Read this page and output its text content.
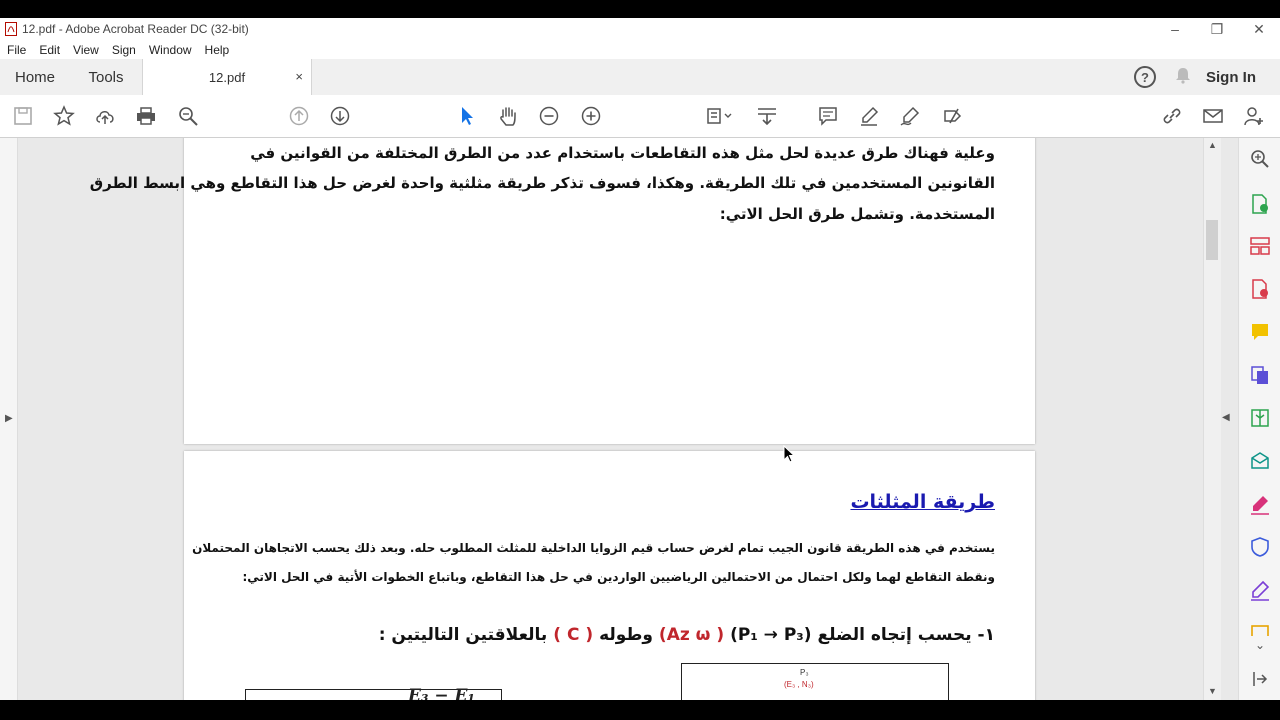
12.pdf - Adobe Acrobat Reader DC (32-bit)	–	❐	✕
File	Edit	View	Sign	Window	Help
Home	Tools	12.pdf	×	?	Sign In
▶
وعلية فهناك طرق عديدة لحل مثل هذه التقاطعات باستخدام عدد من الطرق المختلفة من القوانين في
القانونين المستخدمين في تلك الطريقة. وهكذا، فسوف تذكر طريقة مثلثية واحدة لغرض حل هذا التقاطع وهي ابسط الطرق
المستخدمة. وتشمل طرق الحل الاتي:
طريقة المثلثات
يستخدم في هذه الطريقة قانون الجيب تمام لغرض حساب قيم الزوايا الداخلية للمثلث المطلوب حله. وبعد ذلك يحسب الاتجاهان المحتملان
ونقطة التقاطع لهما ولكل احتمال من الاحتمالين الرياضيين الواردين في حل هذا التقاطع، وباتباع الخطوات الأتية في الحل الاتي:
١- يحسب إتجاه الضلع (P₁ → P₃) ( Az ω) وطوله ( C ) بالعلاقتين التاليتين :
E₃ − E₁
P₃
(E₃ , N₃)
▲
▼
◀
⌄
